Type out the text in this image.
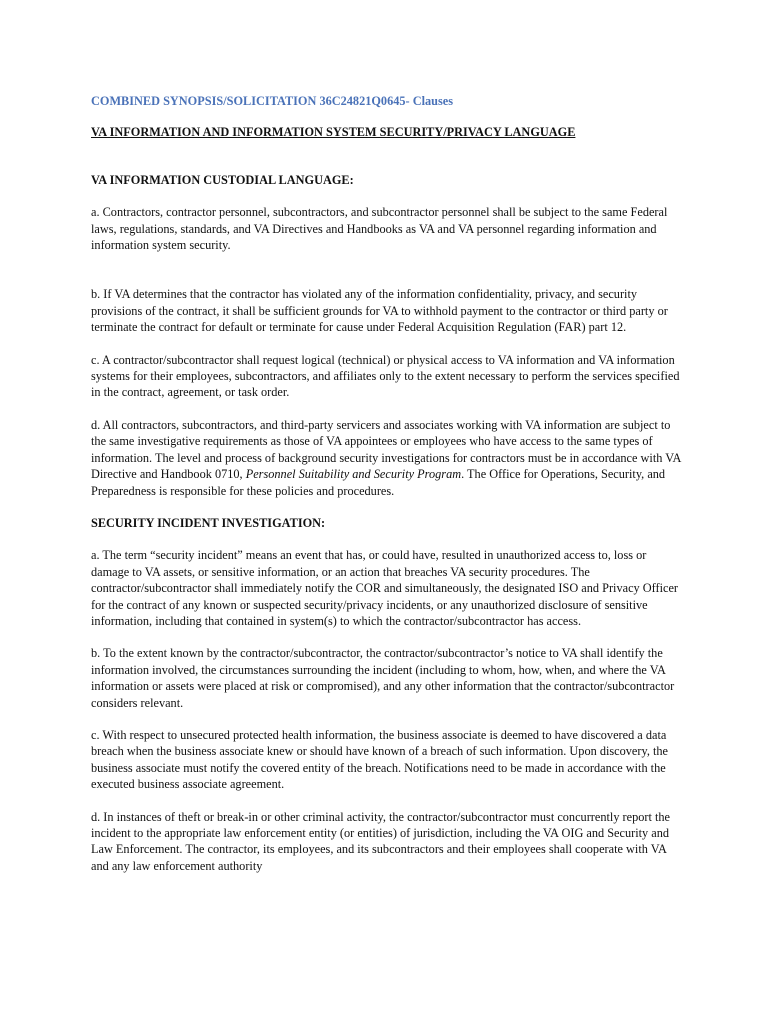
COMBINED SYNOPSIS/SOLICITATION 36C24821Q0645- Clauses

VA INFORMATION AND INFORMATION SYSTEM SECURITY/PRIVACY LANGUAGE

VA INFORMATION CUSTODIAL LANGUAGE:

a. Contractors, contractor personnel, subcontractors, and subcontractor personnel shall be subject to the same Federal laws, regulations, standards, and VA Directives and Handbooks as VA and VA personnel regarding information and information system security.

b. If VA determines that the contractor has violated any of the information confidentiality, privacy, and security provisions of the contract, it shall be sufficient grounds for VA to withhold payment to the contractor or third party or terminate the contract for default or terminate for cause under Federal Acquisition Regulation (FAR) part 12.

c. A contractor/subcontractor shall request logical (technical) or physical access to VA information and VA information systems for their employees, subcontractors, and affiliates only to the extent necessary to perform the services specified in the contract, agreement, or task order.

d. All contractors, subcontractors, and third-party servicers and associates working with VA information are subject to the same investigative requirements as those of VA appointees or employees who have access to the same types of information. The level and process of background security investigations for contractors must be in accordance with VA Directive and Handbook 0710, Personnel Suitability and Security Program. The Office for Operations, Security, and Preparedness is responsible for these policies and procedures.

SECURITY INCIDENT INVESTIGATION:

a. The term “security incident” means an event that has, or could have, resulted in unauthorized access to, loss or damage to VA assets, or sensitive information, or an action that breaches VA security procedures. The contractor/subcontractor shall immediately notify the COR and simultaneously, the designated ISO and Privacy Officer for the contract of any known or suspected security/privacy incidents, or any unauthorized disclosure of sensitive information, including that contained in system(s) to which the contractor/subcontractor has access.

b. To the extent known by the contractor/subcontractor, the contractor/subcontractor’s notice to VA shall identify the information involved, the circumstances surrounding the incident (including to whom, how, when, and where the VA information or assets were placed at risk or compromised), and any other information that the contractor/subcontractor considers relevant.

c. With respect to unsecured protected health information, the business associate is deemed to have discovered a data breach when the business associate knew or should have known of a breach of such information. Upon discovery, the business associate must notify the covered entity of the breach. Notifications need to be made in accordance with the executed business associate agreement.

d. In instances of theft or break-in or other criminal activity, the contractor/subcontractor must concurrently report the incident to the appropriate law enforcement entity (or entities) of jurisdiction, including the VA OIG and Security and Law Enforcement. The contractor, its employees, and its subcontractors and their employees shall cooperate with VA and any law enforcement authority
